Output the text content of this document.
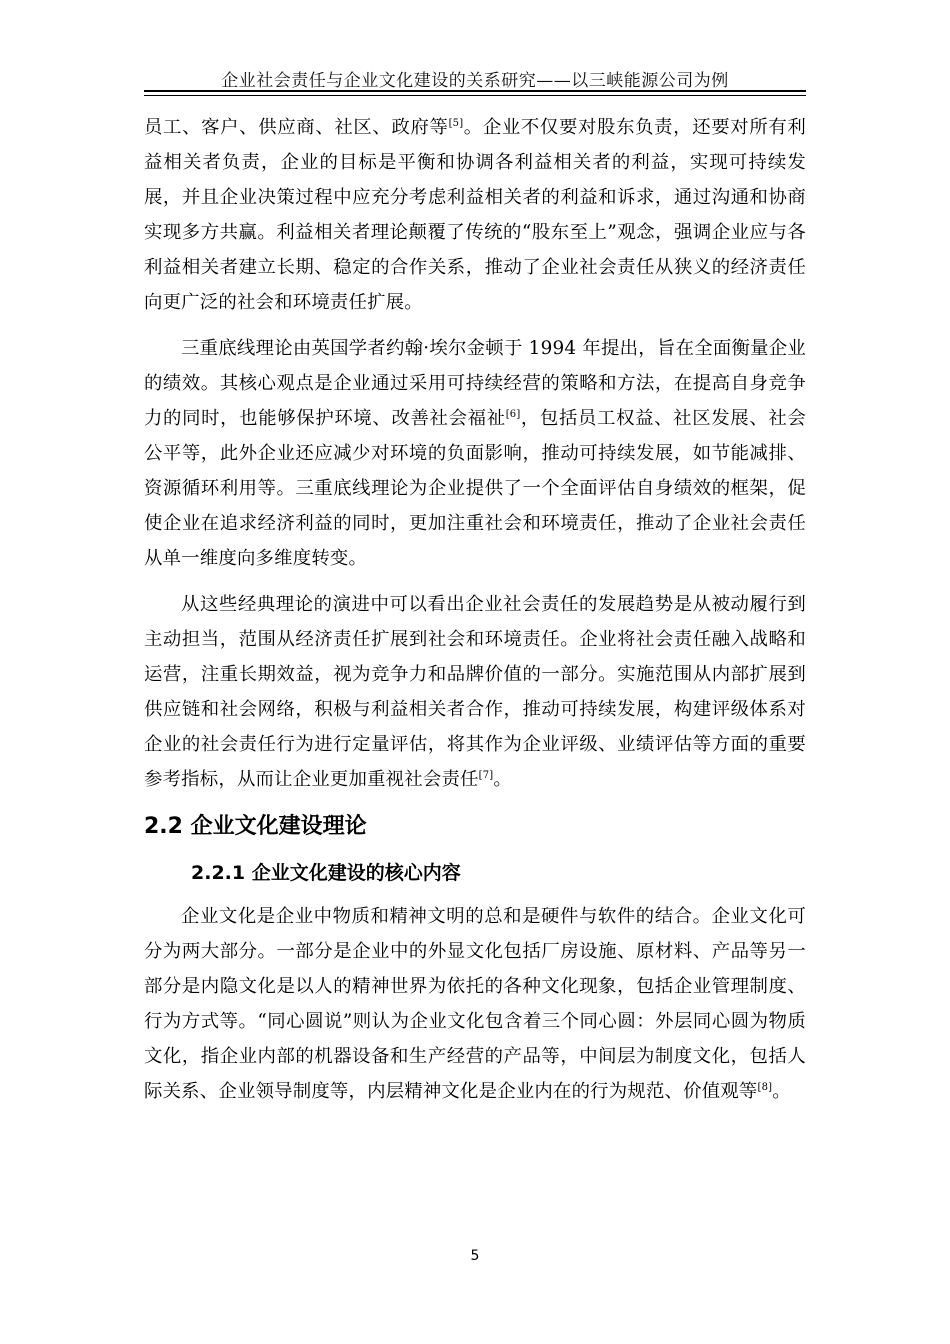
企业社会责任与企业文化建设的关系研究——以三峡能源公司为例

员工、客户、供应商、社区、政府等[5]。企业不仅要对股东负责，还要对所有利益相关者负责，企业的目标是平衡和协调各利益相关者的利益，实现可持续发展，并且企业决策过程中应充分考虑利益相关者的利益和诉求，通过沟通和协商实现多方共赢。利益相关者理论颠覆了传统的“股东至上”观念，强调企业应与各利益相关者建立长期、稳定的合作关系，推动了企业社会责任从狭义的经济责任向更广泛的社会和环境责任扩展。

三重底线理论由英国学者约翰·埃尔金顿于 1994 年提出，旨在全面衡量企业的绩效。其核心观点是企业通过采用可持续经营的策略和方法，在提高自身竞争力的同时，也能够保护环境、改善社会福祉[6]，包括员工权益、社区发展、社会公平等，此外企业还应减少对环境的负面影响，推动可持续发展，如节能减排、资源循环利用等。三重底线理论为企业提供了一个全面评估自身绩效的框架，促使企业在追求经济利益的同时，更加注重社会和环境责任，推动了企业社会责任从单一维度向多维度转变。

从这些经典理论的演进中可以看出企业社会责任的发展趋势是从被动履行到主动担当，范围从经济责任扩展到社会和环境责任。企业将社会责任融入战略和运营，注重长期效益，视为竞争力和品牌价值的一部分。实施范围从内部扩展到供应链和社会网络，积极与利益相关者合作，推动可持续发展，构建评级体系对企业的社会责任行为进行定量评估，将其作为企业评级、业绩评估等方面的重要参考指标，从而让企业更加重视社会责任[7]。

2.2 企业文化建设理论
2.2.1 企业文化建设的核心内容

企业文化是企业中物质和精神文明的总和是硬件与软件的结合。企业文化可分为两大部分。一部分是企业中的外显文化包括厂房设施、原材料、产品等另一部分是内隐文化是以人的精神世界为依托的各种文化现象，包括企业管理制度、行为方式等。“同心圆说”则认为企业文化包含着三个同心圆：外层同心圆为物质文化，指企业内部的机器设备和生产经营的产品等，中间层为制度文化，包括人际关系、企业领导制度等，内层精神文化是企业内在的行为规范、价值观等[8]。

5
